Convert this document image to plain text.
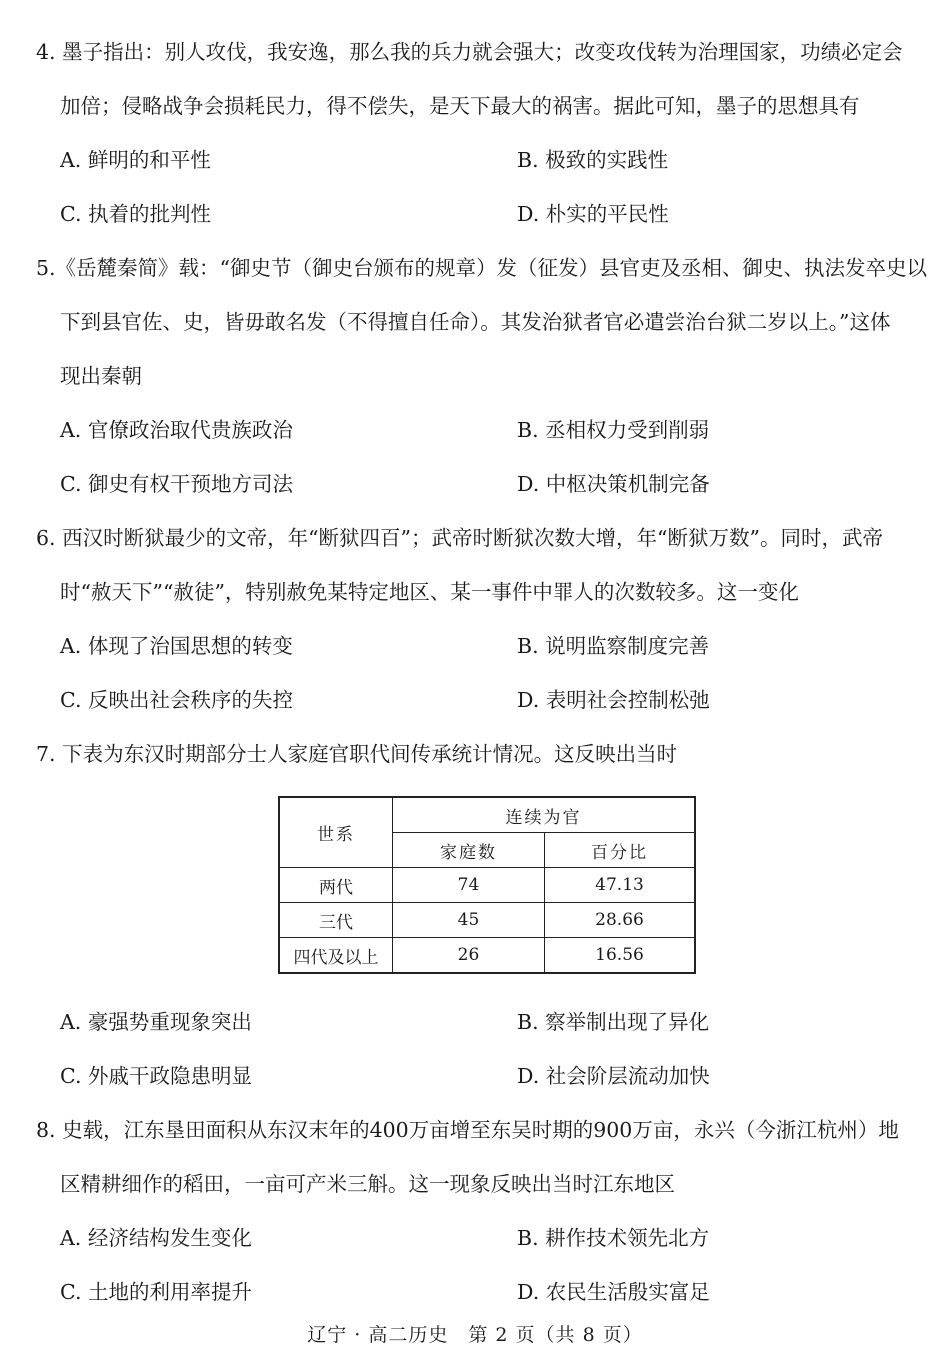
4. 墨子指出：别人攻伐，我安逸，那么我的兵力就会强大；改变攻伐转为治理国家，功绩必定会
加倍；侵略战争会损耗民力，得不偿失，是天下最大的祸害。据此可知，墨子的思想具有
A. 鲜明的和平性	B. 极致的实践性
C. 执着的批判性	D. 朴实的平民性
5.《岳麓秦简》载：“御史节（御史台颁布的规章）发（征发）县官吏及丞相、御史、执法发卒史以
下到县官佐、史，皆毋敢名发（不得擅自任命）。其发治狱者官必遣尝治台狱二岁以上。”这体
现出秦朝
A. 官僚政治取代贵族政治	B. 丞相权力受到削弱
C. 御史有权干预地方司法	D. 中枢决策机制完备
6. 西汉时断狱最少的文帝，年“断狱四百”；武帝时断狱次数大增，年“断狱万数”。同时，武帝
时“赦天下”“赦徒”，特别赦免某特定地区、某一事件中罪人的次数较多。这一变化
A. 体现了治国思想的转变	B. 说明监察制度完善
C. 反映出社会秩序的失控	D. 表明社会控制松弛
7. 下表为东汉时期部分士人家庭官职代间传承统计情况。这反映出当时
世系	连续为官	
	家庭数	百分比
两代	74	47.13
三代	45	28.66
四代及以上	26	16.56
A. 豪强势重现象突出	B. 察举制出现了异化
C. 外戚干政隐患明显	D. 社会阶层流动加快
8. 史载，江东垦田面积从东汉末年的400万亩增至东吴时期的900万亩，永兴（今浙江杭州）地
区精耕细作的稻田，一亩可产米三斛。这一现象反映出当时江东地区
A. 经济结构发生变化	B. 耕作技术领先北方
C. 土地的利用率提升	D. 农民生活殷实富足
辽宁 · 高二历史　第 2 页（共 8 页）
